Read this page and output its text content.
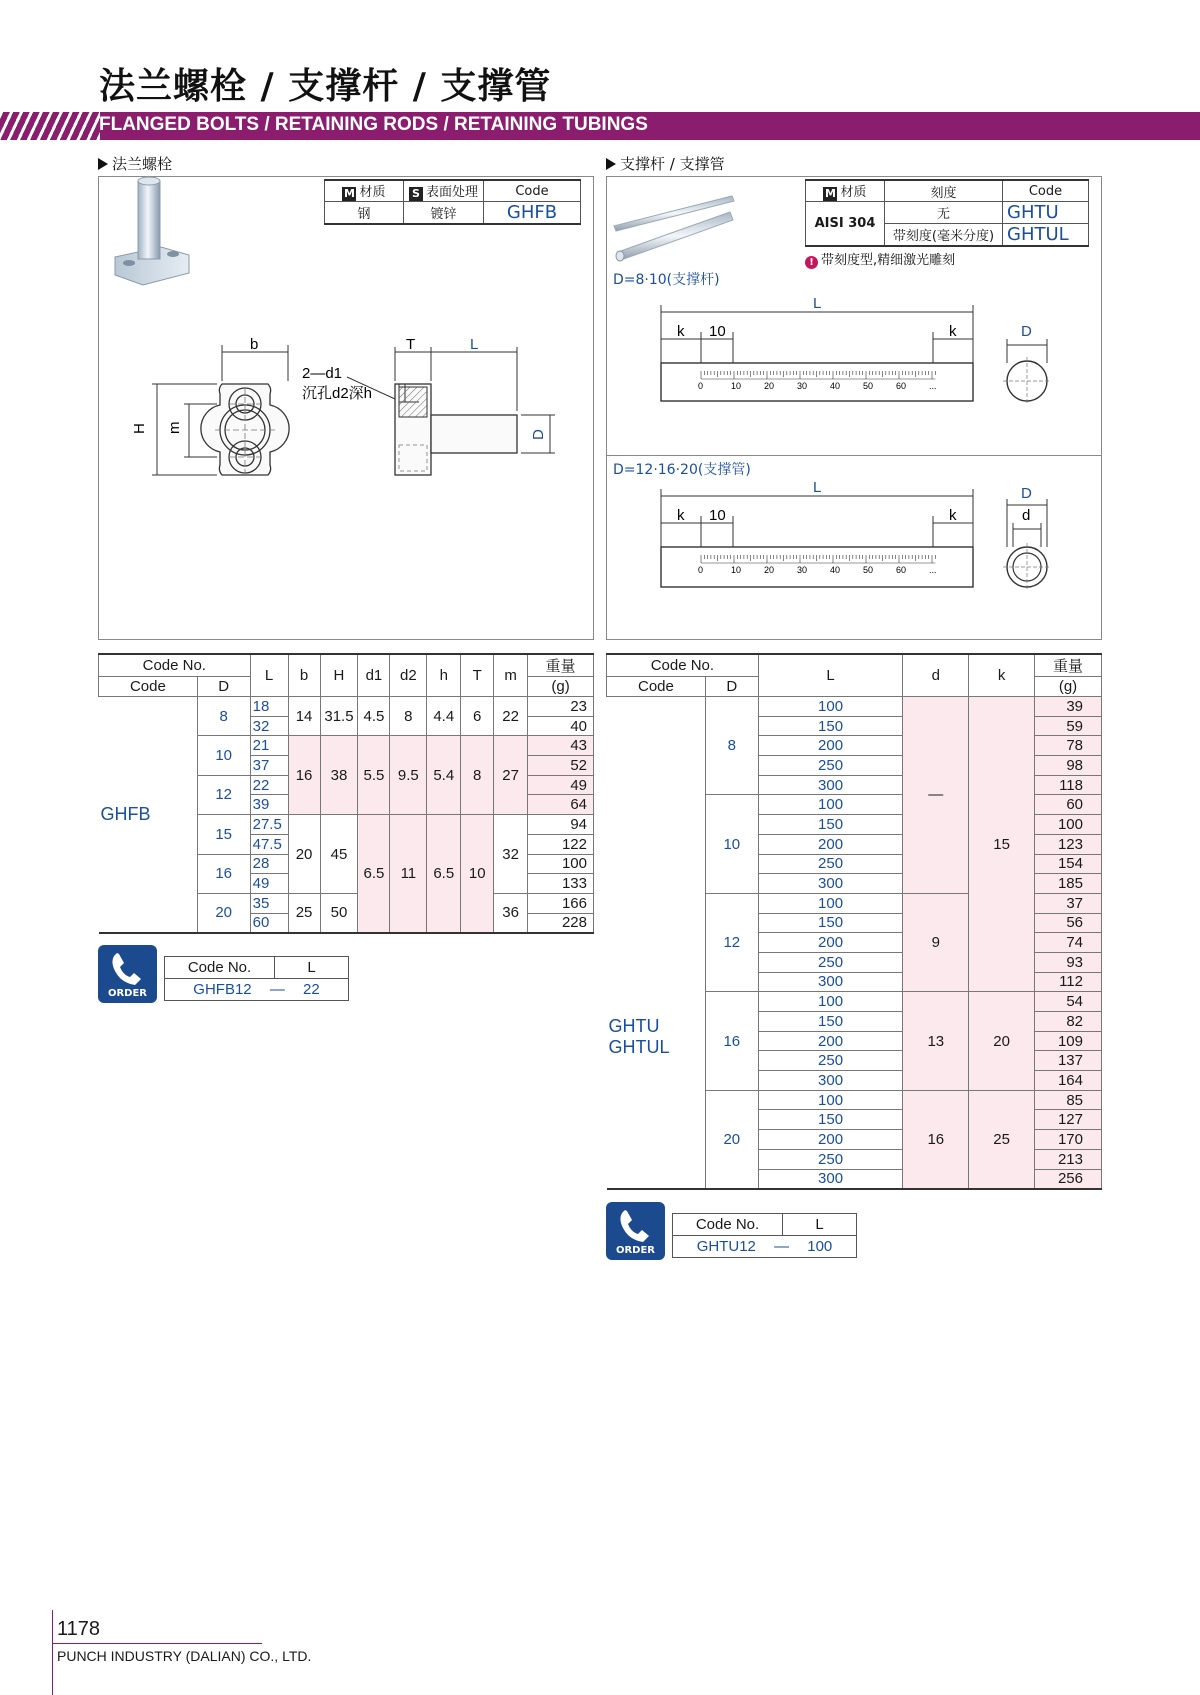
法兰螺栓 / 支撑杆 / 支撑管
FLANGED BOLTS / RETAINING RODS / RETAINING TUBINGS
法兰螺栓
M 材质	S 表面处理	Code
钢	镀锌	GHFB
b
H m
T	L
D
2—d1
沉孔d2深h
Code No.		L	b	H	d1	d2	h	T	m	重量
Code	D									(g)
GHFB	8	18	14	31.5	4.5	8	4.4	6	22	23
		32								40
	10	21	16	38	5.5	9.5	5.4	8	27	43
		37								52
	12	22								49
		39								64
	15	27.5	20	45	6.5	11	6.5	10	32	94
		47.5								122
	16	28								100
		49								133
	20	35	25	50					36	166
		60								228
ORDER
Code No.	L
GHFB12 — 22
支撑杆 / 支撑管
D=8·10(支撑杆)
M 材质	刻度	Code
AISI 304	无	GHTU
	带刻度(毫米分度)	GHTUL
! 带刻度型,精细激光雕刻
L
k 10	k	D
0	10	20	30	40	50	60	...
D=12·16·20(支撑管)
L
k 10	k
D
d
0	10	20	30	40	50	60	...
Code No.		L	d	k	重量
Code	D				(g)

GHTU
GHTUL	8	100	—	15	39
		150			59
		200			78
		250			98
		300			118
	10	100			60
		150			100
		200			123
		250			154
		300			185
	12	100	9		37
		150			56
		200			74
		250			93
		300			112
	16	100	13	20	54
		150			82
		200			109
		250			137
		300			164
	20	100	16	25	85
		150			127
		200			170
		250			213
		300			256
ORDER
Code No.	L
GHTU12 — 100
1178
PUNCH INDUSTRY (DALIAN) CO., LTD.
